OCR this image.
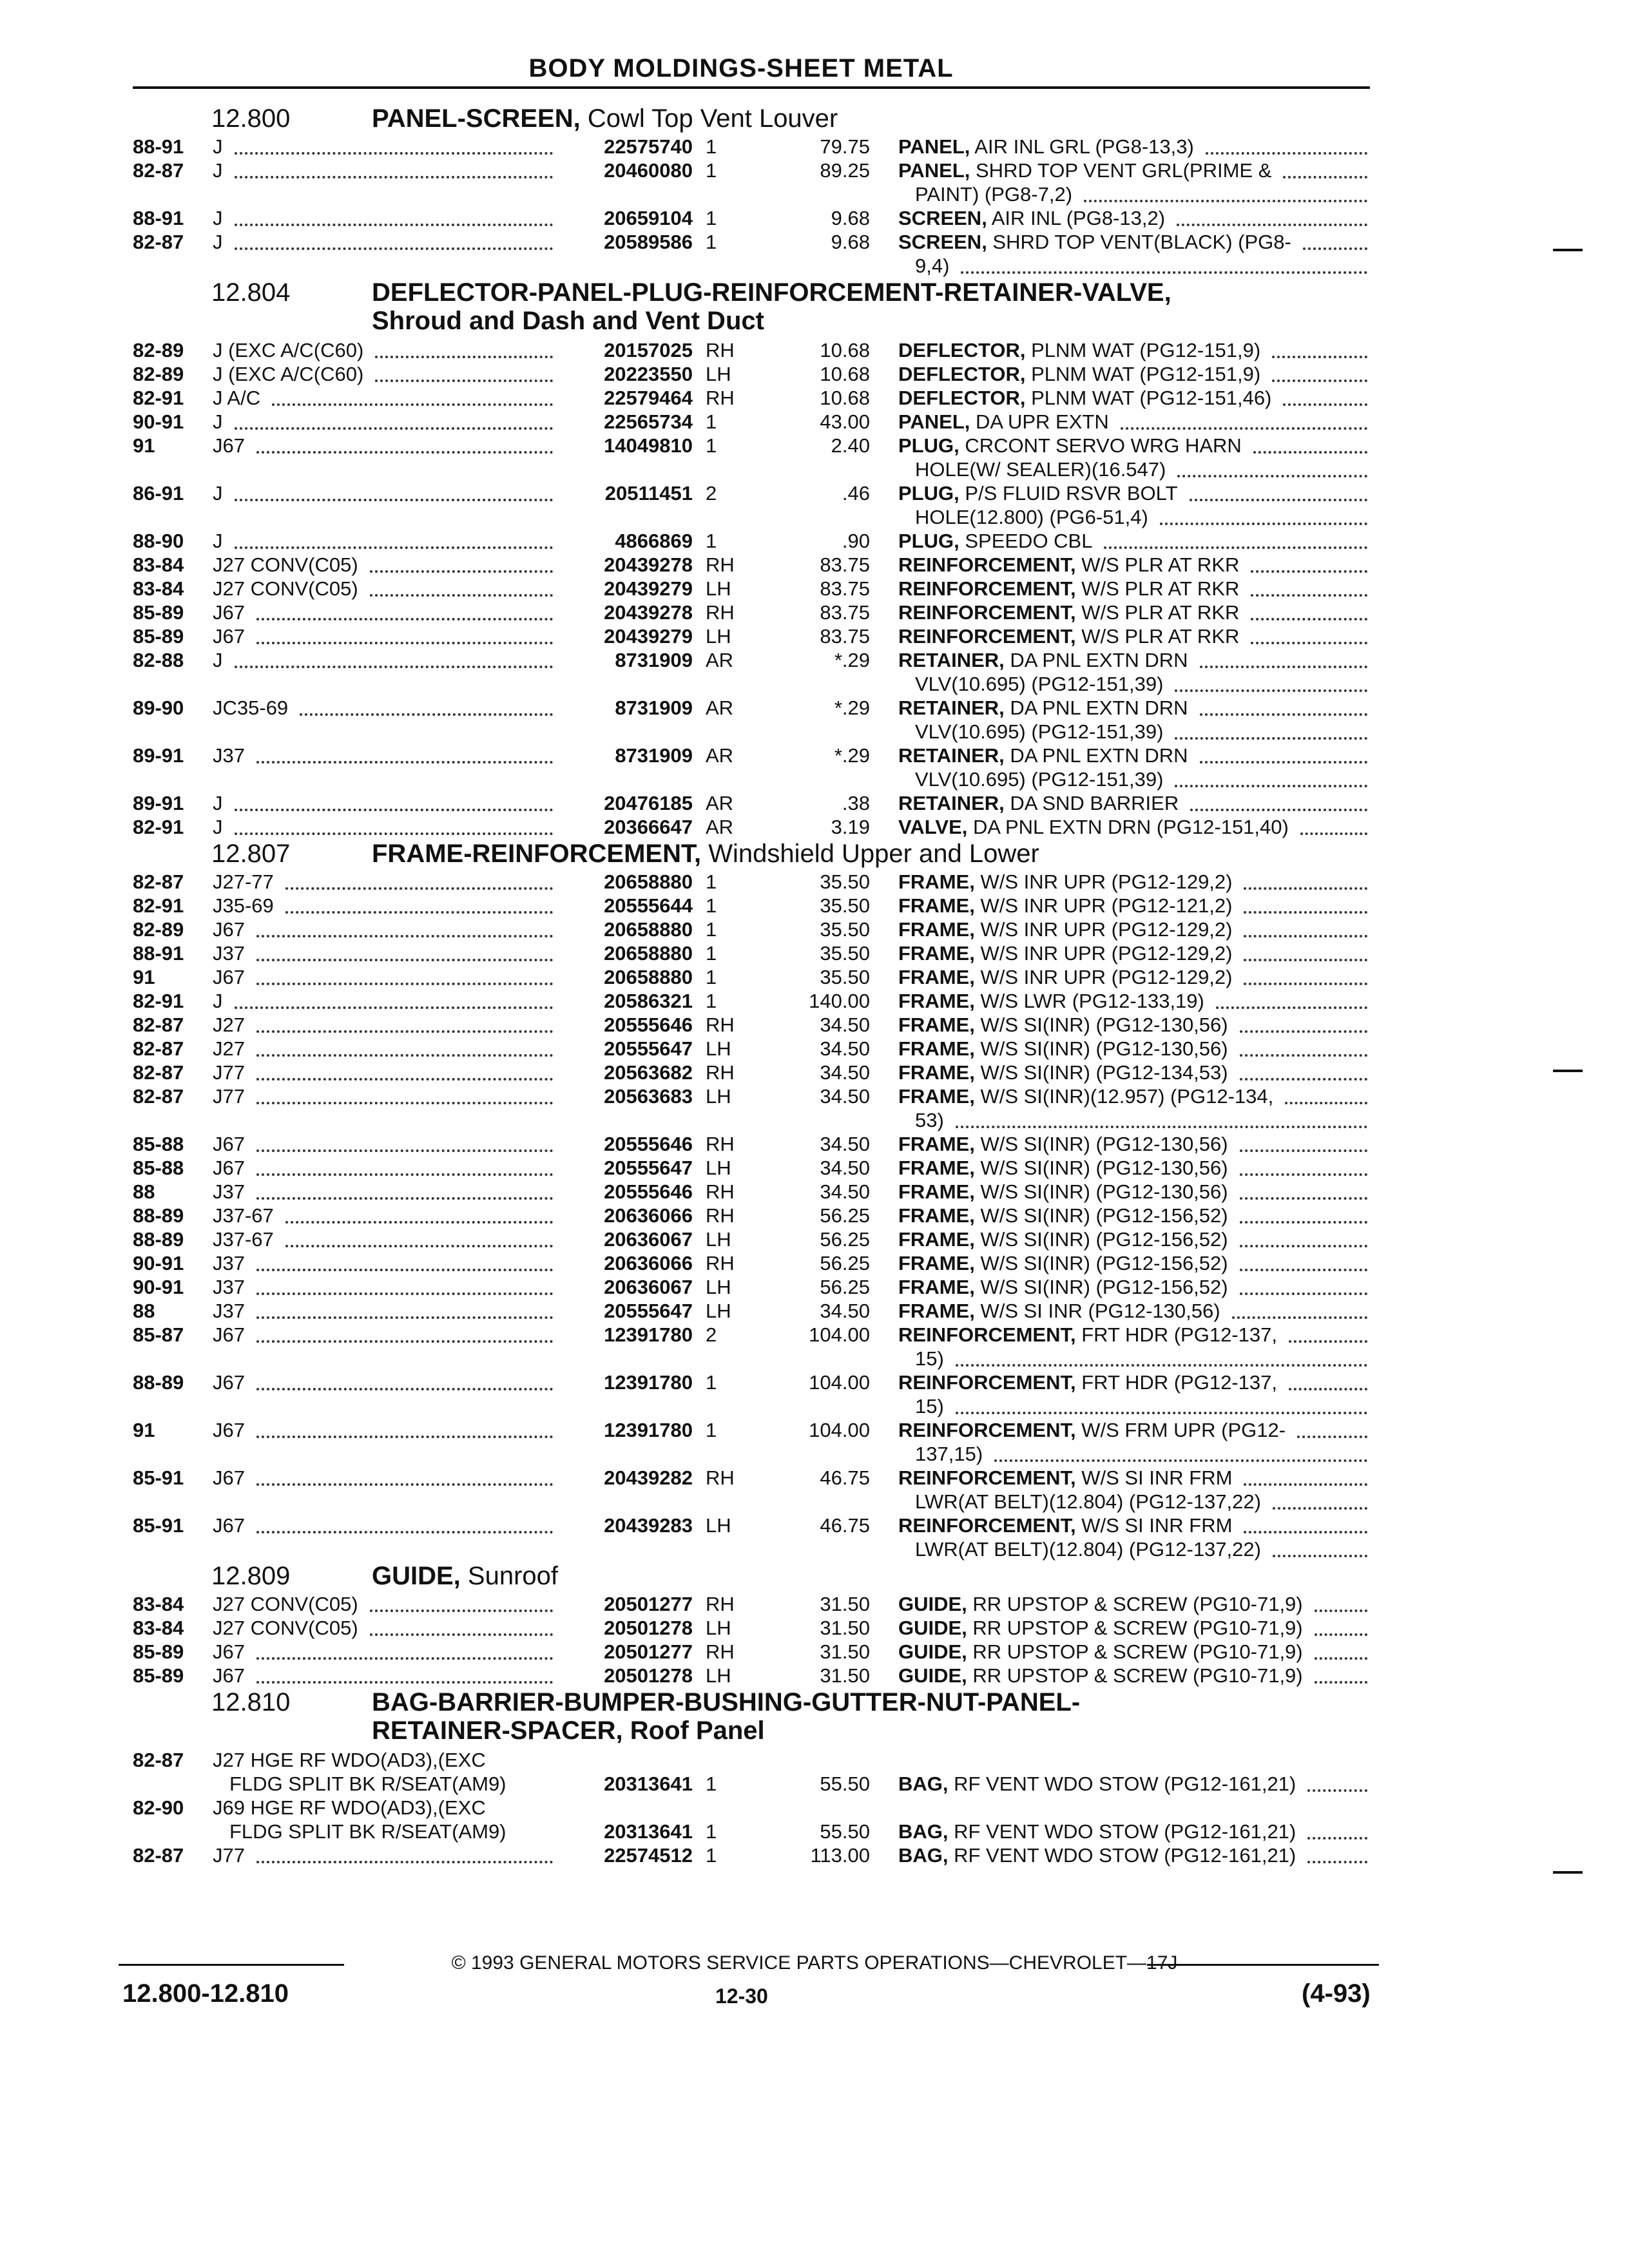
BODY MOLDINGS-SHEET METAL
12.800	PANEL-SCREEN, Cowl Top Vent Louver
88-91 J	22575740 1	79.75 PANEL, AIR INL GRL (PG8-13,3)
82-87 J	20460080 1	89.25 PANEL, SHRD TOP VENT GRL(PRIME &
PAINT) (PG8-7,2)
88-91 J	20659104 1	9.68 SCREEN, AIR INL (PG8-13,2)
82-87 J	20589586 1	9.68 SCREEN, SHRD TOP VENT(BLACK) (PG8-
9,4)
12.804	DEFLECTOR-PANEL-PLUG-REINFORCEMENT-RETAINER-VALVE,
Shroud and Dash and Vent Duct
82-89 J (EXC A/C(C60)	20157025 RH	10.68 DEFLECTOR, PLNM WAT (PG12-151,9)
82-89 J (EXC A/C(C60)	20223550 LH	10.68 DEFLECTOR, PLNM WAT (PG12-151,9)
82-91 J A/C	22579464 RH	10.68 DEFLECTOR, PLNM WAT (PG12-151,46)
90-91 J	22565734 1	43.00 PANEL, DA UPR EXTN
91	J67	14049810 1	2.40 PLUG, CRCONT SERVO WRG HARN
HOLE(W/ SEALER)(16.547)
86-91 J	20511451 2	.46 PLUG, P/S FLUID RSVR BOLT
HOLE(12.800) (PG6-51,4)
88-90 J	4866869 1	.90 PLUG, SPEEDO CBL
83-84 J27 CONV(C05)	20439278 RH	83.75 REINFORCEMENT, W/S PLR AT RKR
83-84 J27 CONV(C05)	20439279 LH	83.75 REINFORCEMENT, W/S PLR AT RKR
85-89 J67	20439278 RH	83.75 REINFORCEMENT, W/S PLR AT RKR
85-89 J67	20439279 LH	83.75 REINFORCEMENT, W/S PLR AT RKR
82-88 J	8731909 AR	*.29 RETAINER, DA PNL EXTN DRN
VLV(10.695) (PG12-151,39)
89-90 JC35-69	8731909 AR	*.29 RETAINER, DA PNL EXTN DRN
VLV(10.695) (PG12-151,39)
89-91 J37	8731909 AR	*.29 RETAINER, DA PNL EXTN DRN
VLV(10.695) (PG12-151,39)
89-91 J	20476185 AR	.38 RETAINER, DA SND BARRIER
82-91 J	20366647 AR	3.19 VALVE, DA PNL EXTN DRN (PG12-151,40)
12.807	FRAME-REINFORCEMENT, Windshield Upper and Lower
82-87 J27-77	20658880 1	35.50 FRAME, W/S INR UPR (PG12-129,2)
82-91 J35-69	20555644 1	35.50 FRAME, W/S INR UPR (PG12-121,2)
82-89 J67	20658880 1	35.50 FRAME, W/S INR UPR (PG12-129,2)
88-91 J37	20658880 1	35.50 FRAME, W/S INR UPR (PG12-129,2)
91	J67	20658880 1	35.50 FRAME, W/S INR UPR (PG12-129,2)
82-91 J	20586321 1	140.00 FRAME, W/S LWR (PG12-133,19)
82-87 J27	20555646 RH	34.50 FRAME, W/S SI(INR) (PG12-130,56)
82-87 J27	20555647 LH	34.50 FRAME, W/S SI(INR) (PG12-130,56)
82-87 J77	20563682 RH	34.50 FRAME, W/S SI(INR) (PG12-134,53)
82-87 J77	20563683 LH	34.50 FRAME, W/S SI(INR)(12.957) (PG12-134,
53)
85-88 J67	20555646 RH	34.50 FRAME, W/S SI(INR) (PG12-130,56)
85-88 J67	20555647 LH	34.50 FRAME, W/S SI(INR) (PG12-130,56)
88	J37	20555646 RH	34.50 FRAME, W/S SI(INR) (PG12-130,56)
88-89 J37-67	20636066 RH	56.25 FRAME, W/S SI(INR) (PG12-156,52)
88-89 J37-67	20636067 LH	56.25 FRAME, W/S SI(INR) (PG12-156,52)
90-91 J37	20636066 RH	56.25 FRAME, W/S SI(INR) (PG12-156,52)
90-91 J37	20636067 LH	56.25 FRAME, W/S SI(INR) (PG12-156,52)
88	J37	20555647 LH	34.50 FRAME, W/S SI INR (PG12-130,56)
85-87 J67	12391780 2	104.00 REINFORCEMENT, FRT HDR (PG12-137,
15)
88-89 J67	12391780 1	104.00 REINFORCEMENT, FRT HDR (PG12-137,
15)
91	J67	12391780 1	104.00 REINFORCEMENT, W/S FRM UPR (PG12-
137,15)
85-91 J67	20439282 RH	46.75 REINFORCEMENT, W/S SI INR FRM
LWR(AT BELT)(12.804) (PG12-137,22)
85-91 J67	20439283 LH	46.75 REINFORCEMENT, W/S SI INR FRM
LWR(AT BELT)(12.804) (PG12-137,22)
12.809	GUIDE, Sunroof
83-84 J27 CONV(C05)	20501277 RH	31.50 GUIDE, RR UPSTOP & SCREW (PG10-71,9)
83-84 J27 CONV(C05)	20501278 LH	31.50 GUIDE, RR UPSTOP & SCREW (PG10-71,9)
85-89 J67	20501277 RH	31.50 GUIDE, RR UPSTOP & SCREW (PG10-71,9)
85-89 J67	20501278 LH	31.50 GUIDE, RR UPSTOP & SCREW (PG10-71,9)
12.810	BAG-BARRIER-BUMPER-BUSHING-GUTTER-NUT-PANEL-
RETAINER-SPACER, Roof Panel
82-87 J27 HGE RF WDO(AD3),(EXC
FLDG SPLIT BK R/SEAT(AM9)	20313641 1	55.50 BAG, RF VENT WDO STOW (PG12-161,21)
82-90 J69 HGE RF WDO(AD3),(EXC
FLDG SPLIT BK R/SEAT(AM9)	20313641 1	55.50 BAG, RF VENT WDO STOW (PG12-161,21)
82-87 J77	22574512 1	113.00 BAG, RF VENT WDO STOW (PG12-161,21)
© 1993 GENERAL MOTORS SERVICE PARTS OPERATIONS—CHEVROLET—17J
12.800-12.810	12-30	(4-93)
